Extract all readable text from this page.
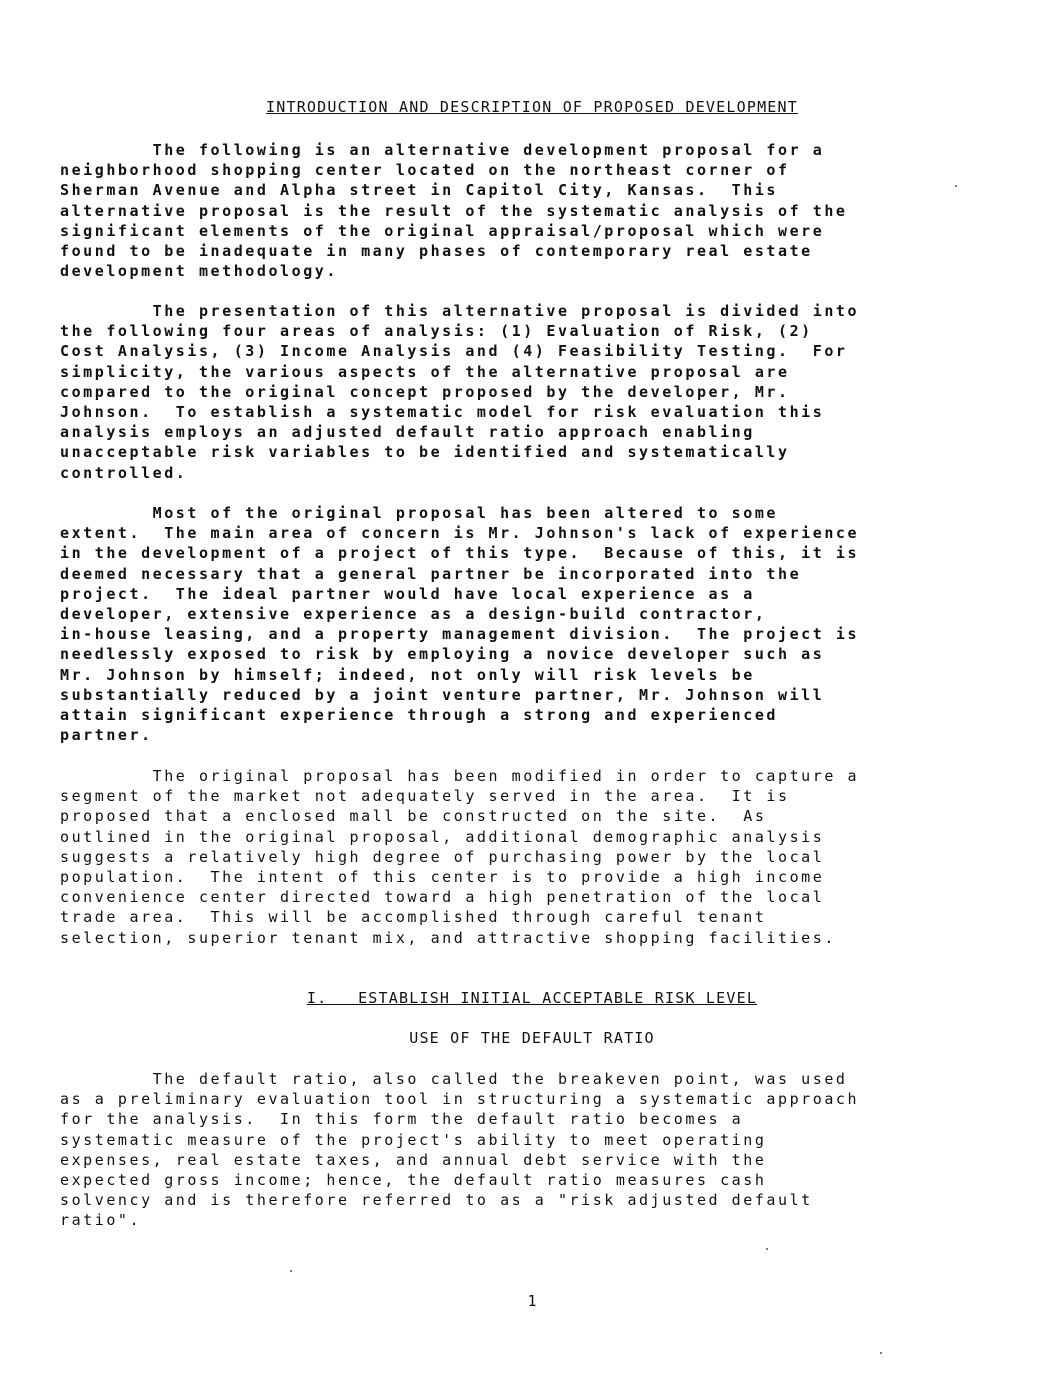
INTRODUCTION AND DESCRIPTION OF PROPOSED DEVELOPMENT

The following is an alternative development proposal for a
neighborhood shopping center located on the northeast corner of
Sherman Avenue and Alpha street in Capitol City, Kansas.  This
alternative proposal is the result of the systematic analysis of the
significant elements of the original appraisal/proposal which were
found to be inadequate in many phases of contemporary real estate
development methodology.

The presentation of this alternative proposal is divided into
the following four areas of analysis: (1) Evaluation of Risk, (2)
Cost Analysis, (3) Income Analysis and (4) Feasibility Testing.  For
simplicity, the various aspects of the alternative proposal are
compared to the original concept proposed by the developer, Mr.
Johnson.  To establish a systematic model for risk evaluation this
analysis employs an adjusted default ratio approach enabling
unacceptable risk variables to be identified and systematically
controlled.

Most of the original proposal has been altered to some
extent.  The main area of concern is Mr. Johnson's lack of experience
in the development of a project of this type.  Because of this, it is
deemed necessary that a general partner be incorporated into the
project.  The ideal partner would have local experience as a
developer, extensive experience as a design-build contractor,
in-house leasing, and a property management division.  The project is
needlessly exposed to risk by employing a novice developer such as
Mr. Johnson by himself; indeed, not only will risk levels be
substantially reduced by a joint venture partner, Mr. Johnson will
attain significant experience through a strong and experienced
partner.

The original proposal has been modified in order to capture a
segment of the market not adequately served in the area.  It is
proposed that a enclosed mall be constructed on the site.  As
outlined in the original proposal, additional demographic analysis
suggests a relatively high degree of purchasing power by the local
population.  The intent of this center is to provide a high income
convenience center directed toward a high penetration of the local
trade area.  This will be accomplished through careful tenant
selection, superior tenant mix, and attractive shopping facilities.

I.   ESTABLISH INITIAL ACCEPTABLE RISK LEVEL
USE OF THE DEFAULT RATIO

The default ratio, also called the breakeven point, was used
as a preliminary evaluation tool in structuring a systematic approach
for the analysis.  In this form the default ratio becomes a
systematic measure of the project's ability to meet operating
expenses, real estate taxes, and annual debt service with the
expected gross income; hence, the default ratio measures cash
solvency and is therefore referred to as a "risk adjusted default
ratio".

1
